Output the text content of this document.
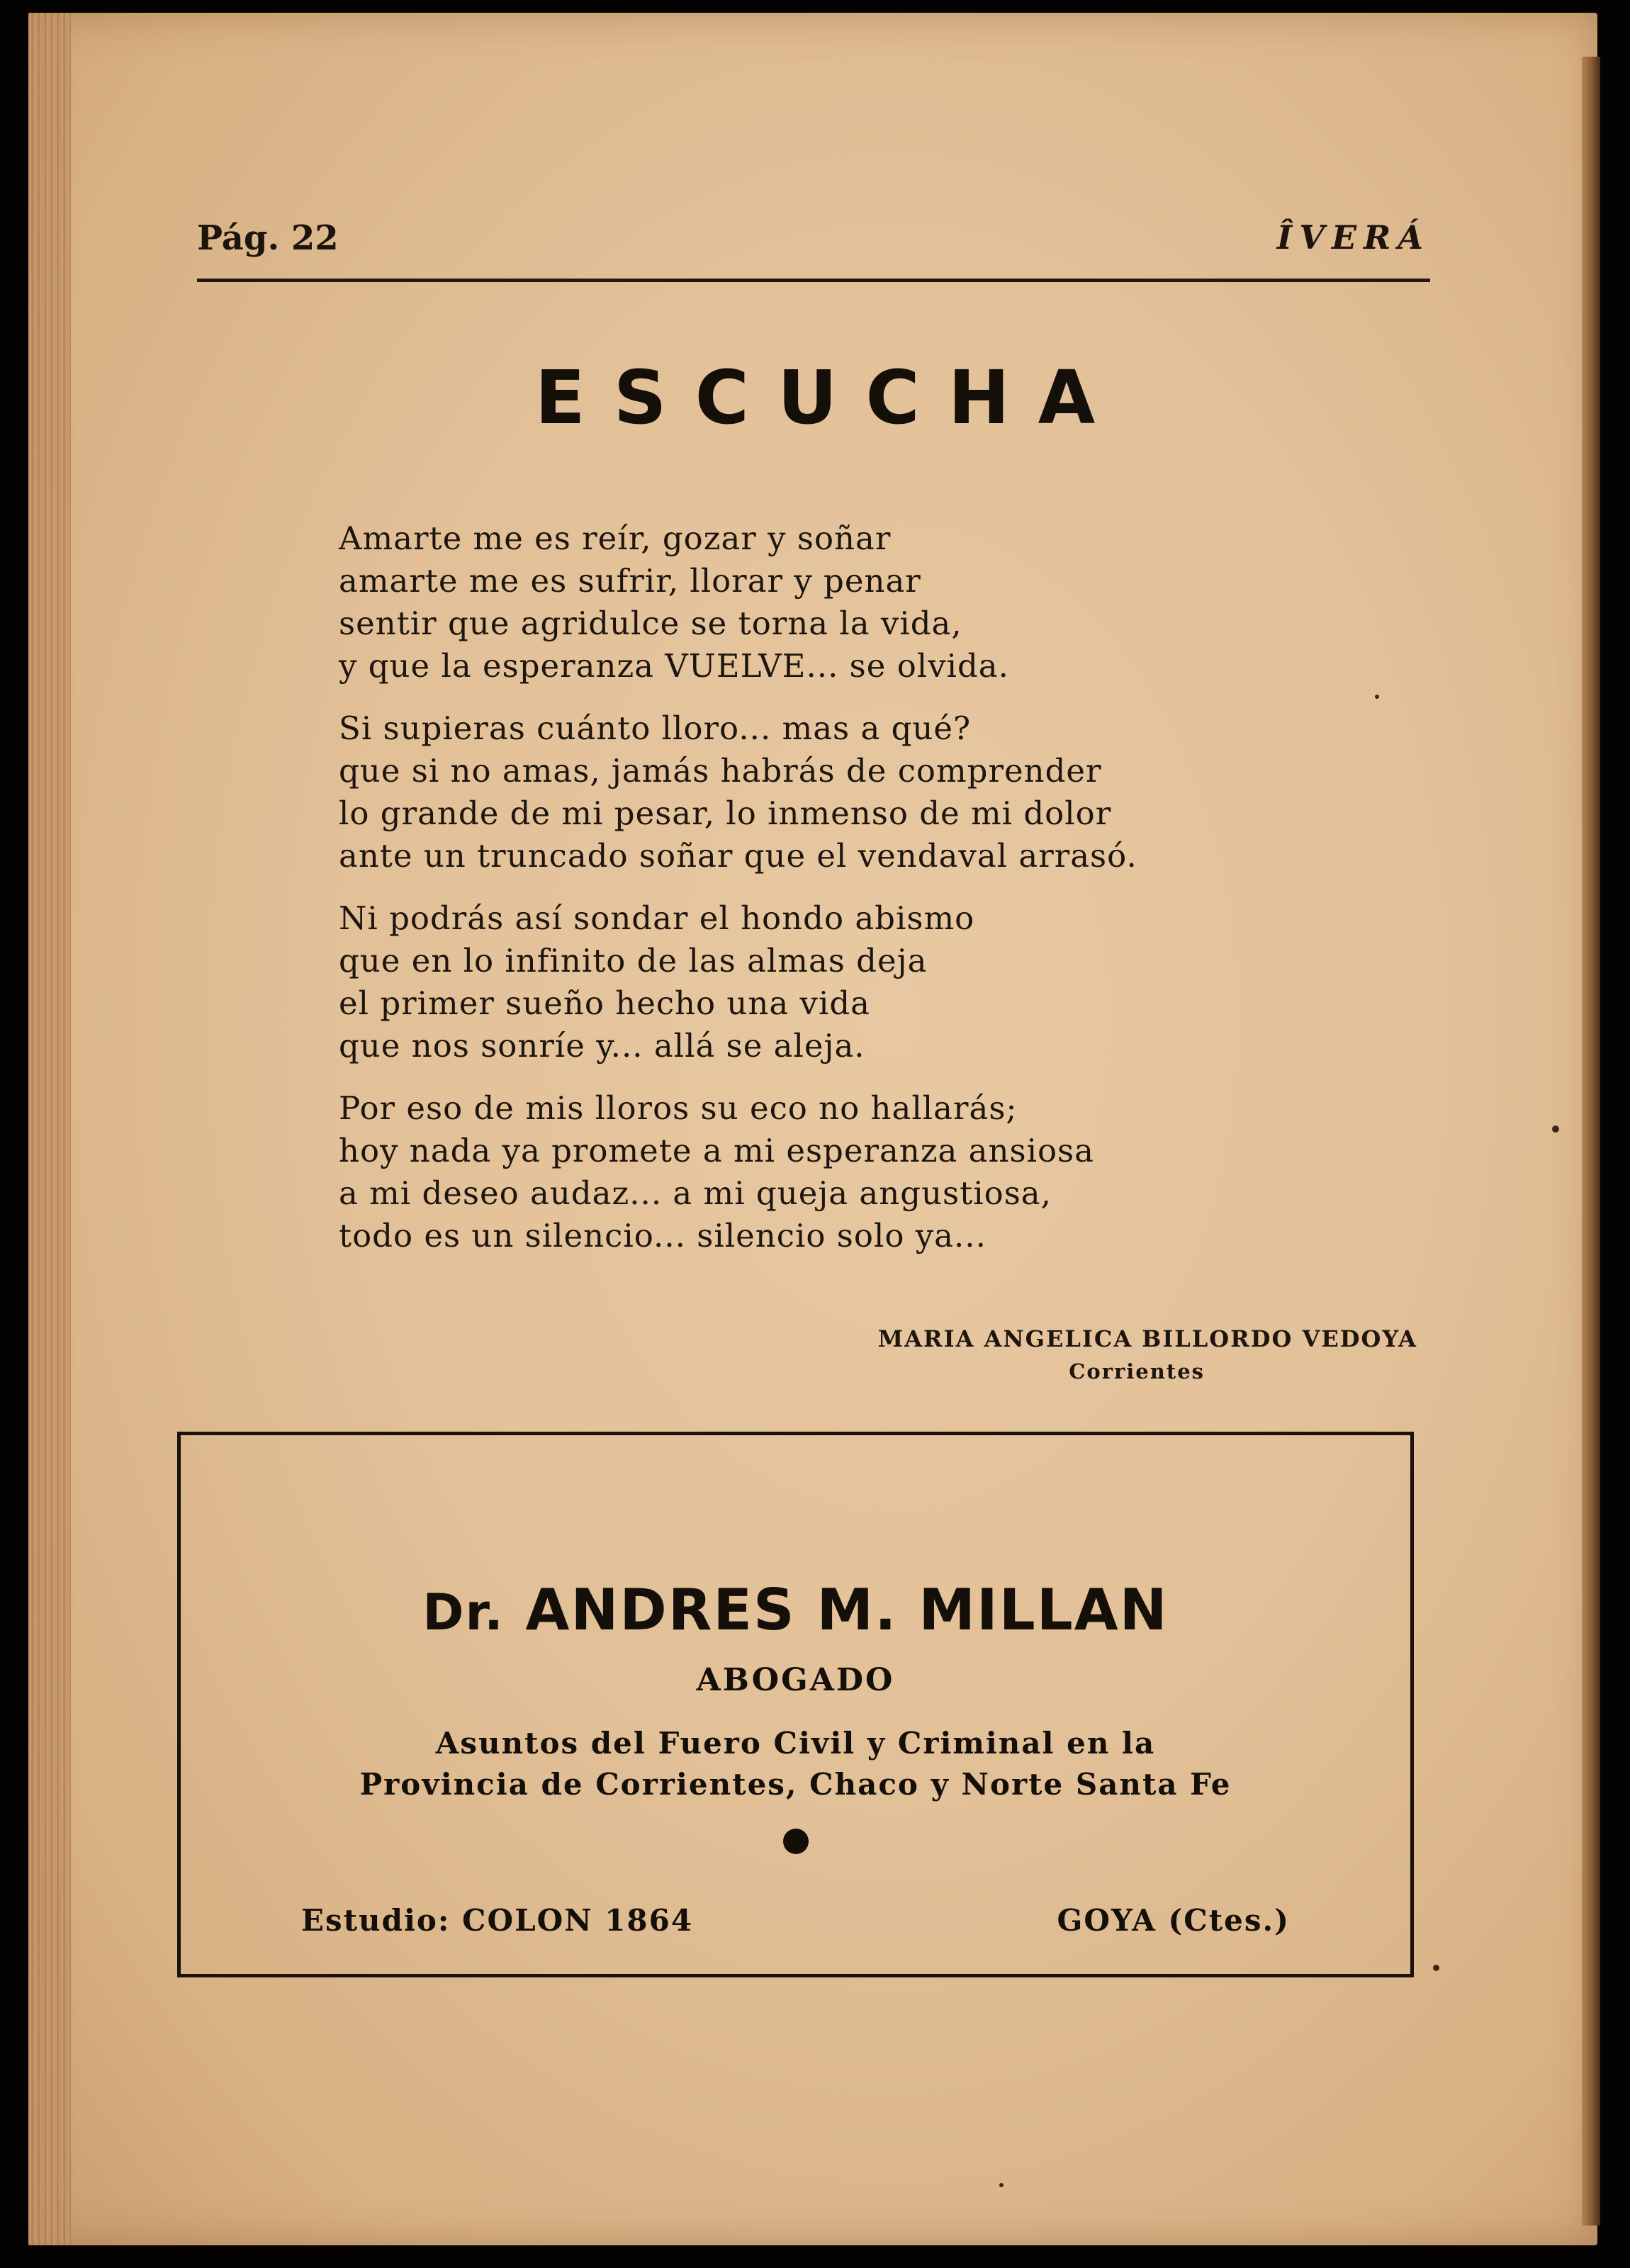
Pág. 22	ÎVERÁ
ESCUCHA
Amarte me es reír, gozar y soñar
amarte me es sufrir, llorar y penar
sentir que agridulce se torna la vida,
y que la esperanza VUELVE... se olvida.
Si supieras cuánto lloro... mas a qué?
que si no amas, jamás habrás de comprender
lo grande de mi pesar, lo inmenso de mi dolor
ante un truncado soñar que el vendaval arrasó.
Ni podrás así sondar el hondo abismo
que en lo infinito de las almas deja
el primer sueño hecho una vida
que nos sonríe y... allá se aleja.
Por eso de mis lloros su eco no hallarás;
hoy nada ya promete a mi esperanza ansiosa
a mi deseo audaz... a mi queja angustiosa,
todo es un silencio... silencio solo ya...
MARIA ANGELICA BILLORDO VEDOYA
Corrientes
Dr. ANDRES M. MILLAN
ABOGADO
Asuntos del Fuero Civil y Criminal en la
Provincia de Corrientes, Chaco y Norte Santa Fe
Estudio: COLON 1864	GOYA (Ctes.)
